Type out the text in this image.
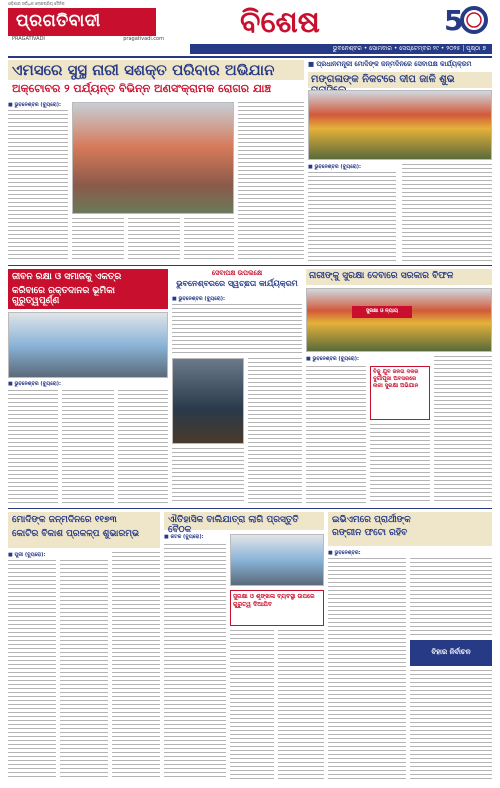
ଓଡ଼ିଶାର ସର୍ବାଧିକ ଲୋକପ୍ରିୟ ଦୈନିକ
ପ୍ରଗତିବାଦୀ
PRAGATIVADI	pragativadi.com	ବିଶେଷ	5
ଭୁବନେଶ୍ବର • ସୋମବାର • ସେପ୍ଟେମ୍ବର ୨୯ • ୨୦୨୫ | ପୃଷ୍ଠା ୭
ଏମସରେ ସୁସ୍ଥ ନାରୀ ସଶକ୍ତ ପରିବାର ଅଭିଯାନ
ଅକ୍ଟୋବର ୨ ପର୍ଯ୍ୟନ୍ତ ବିଭିନ୍ନ ଅଣସଂକ୍ରାମକ ରୋଗର ଯାଞ୍ଚ
■ ଭୁବନେଶ୍ବର (ବ୍ୟୁରୋ):
■ ପ୍ରଧାନମନ୍ତ୍ରୀ ମୋଦିଙ୍କ ଜନ୍ମଦିନରେ ସେବାପକ୍ଷ କାର୍ଯ୍ୟକ୍ରମ
ମଙ୍ଗଳାଙ୍କ ନିକଟରେ ଦୀପ ଜାଳି ଶୁଭ
■ ଭୁବନେଶ୍ବର (ବ୍ୟୁରୋ):
ଜୀବନ ରକ୍ଷା ଓ ସମାଜକୁ ଏକତ୍ର
କରିବାରେ ରକ୍ତଦାନର ଭୂମିକା ଗୁରୁତ୍ୱପୂର୍ଣ୍ଣ
■ ଭୁବନେଶ୍ବର (ବ୍ୟୁରୋ):
ସେବାପକ୍ଷ ଉପଲକ୍ଷେ
ଭୁବନେଶ୍ବରରେ ସ୍ୱଚ୍ଛତା କାର୍ଯ୍ୟକ୍ରମ
■ ଭୁବନେଶ୍ବର (ବ୍ୟୁରୋ):
ନାରୀଙ୍କୁ ସୁରକ୍ଷା ଦେବାରେ ସରକାର ବିଫଳ
ସୁରକ୍ଷା ଓ ନ୍ୟାୟ
■ ଭୁବନେଶ୍ବର (ବ୍ୟୁରୋ):
ବିଜୁ ଯୁବ ଜନତା ଦଳର ଦୁର୍ଗାପୂଜା ଅବସରରେ ନାରୀ ସୁରକ୍ଷା ଅଭିଯାନ
ମୋଦିଙ୍କ ଜନ୍ମଦିନରେ ୧୧୭୩
କୋଟିର ବିକାଶ ପ୍ରକଳ୍ପ ଶୁଭାରମ୍ଭ
■ ପୁରୀ (ବ୍ୟୁରୋ):
ଐତିହାସିକ ବାଲିଯାତ୍ରା ଲାଗି ପ୍ରସ୍ତୁତି ବୈଠକ
■ କଟକ (ବ୍ୟୁରୋ):
ସୁରକ୍ଷା ଓ ଶୃଙ୍ଖଳା ବ୍ୟବସ୍ଥା ଉପରେ ଗୁରୁତ୍ୱ ଦିଆଯିବ
ଇଭିଏମରେ ପ୍ରାର୍ଥୀଙ୍କ
ରଙ୍ଗୀନ ଫଟୋ ରହିବ
■ ଭୁବନେଶ୍ବର:
ବିହାର ନିର୍ବାଚନ
